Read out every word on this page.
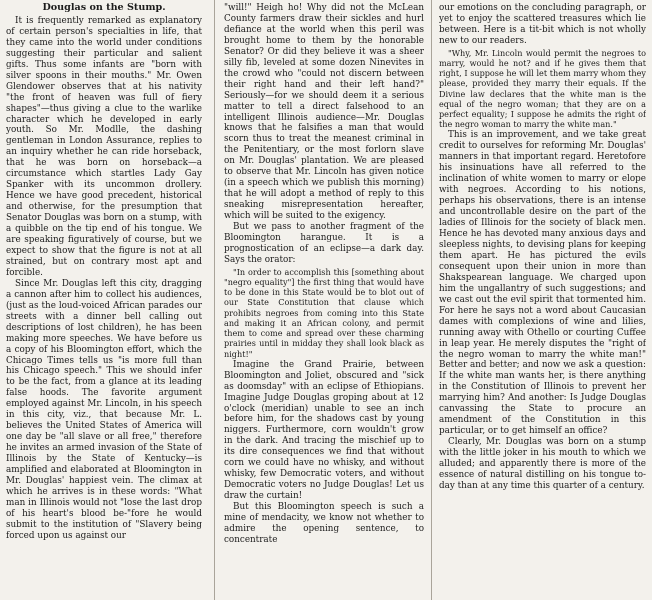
Douglas on the Stump.

It is frequently remarked as explanatory of certain person's specialties in life, that they came into the world under conditions suggesting their particular and salient gifts. Thus some infants are "born with silver spoons in their mouths." Mr. Owen Glendower observes that at his nativity "the front of heaven was full of fiery shapes"—thus giving a clue to the warlike character which he developed in early youth. So Mr. Modlle, the dashing gentleman in London Assurance, replies to an inquiry whether he can ride horseback, that he was born on horseback—a circumstance which startles Lady Gay Spanker with its uncommon drollery. Hence we have good precedent, historical and otherwise, for the presumption that Senator Douglas was born on a stump, with a quibble on the tip end of his tongue. We are speaking figuratively of course, but we expect to show that the figure is not at all strained, but on contrary most apt and forcible.

Since Mr. Douglas left this city, dragging a cannon after him to collect his audiences, (just as the loud-voiced African parades our streets with a dinner bell calling out descriptions of lost children), he has been making more speeches. We have before us a copy of his Bloomington effort, which the Chicago Times tells us "is more full than his Chicago speech." This we should infer to be the fact, from a glance at its leading false hoods. The favorite argument employed against Mr. Lincoln, in his speech in this city, viz., that because Mr. L. believes the United States of America will one day be "all slave or all free," therefore he invites an armed invasion of the State of Illinois by the State of Kentucky—is amplified and elaborated at Bloomington in Mr. Douglas' happiest vein. The climax at which he arrives is in these words: "What man in Illinois would not "lose the last drop of his heart's blood be-"fore he would submit to the institution of "Slavery being forced upon us against our

"will!" Heigh ho! Why did not the McLean County farmers draw their sickles and hurl defiance at the world when this peril was brought home to them by the honorable Senator? Or did they believe it was a sheer silly fib, leveled at some dozen Ninevites in the crowd who "could not discern between their right hand and their left hand?" Seriously—for we should deem it a serious matter to tell a direct falsehood to an intelligent Illinois audience—Mr. Douglas knows that he falsifies a man that would scorn thus to treat the meanest criminal in the Penitentiary, or the most forlorn slave on Mr. Douglas' plantation. We are pleased to observe that Mr. Lincoln has given notice (in a speech which we publish this morning) that he will adopt a method of reply to this sneaking misrepresentation hereafter, which will be suited to the exigency.

But we pass to another fragment of the Bloomington harangue. It is a prognostication of an eclipse—a dark day. Says the orator:

"In order to accomplish this [something about "negro equality"] the first thing that would have to be done in this State would be to blot out of our State Constitution that clause which prohibits negroes from coming into this State and making it an African colony, and permit them to come and spread over these charming prairies until in midday they shall look black as night!"

Imagine the Grand Prairie, between Bloomington and Joliet, obscured and "sick as doomsday" with an eclipse of Ethiopians. Imagine Judge Douglas groping about at 12 o'clock (meridian) unable to see an inch before him, for the shadows cast by young niggers. Furthermore, corn wouldn't grow in the dark. And tracing the mischief up to its dire consequences we find that without corn we could have no whisky, and without whisky, few Democratic voters, and without Democratic voters no Judge Douglas! Let us draw the curtain!

But this Bloomington speech is such a mine of mendacity, we know not whether to admire the opening sentence, to concentrate

our emotions on the concluding paragraph, or yet to enjoy the scattered treasures which lie between. Here is a tit-bit which is not wholly new to our readers.

"Why, Mr. Lincoln would permit the negroes to marry, would he not? and if he gives them that right, I suppose he will let them marry whom they please, provided they marry their equals. If the Divine law declares that the white man is the equal of the negro woman; that they are on a perfect equality; I suppose he admits the right of the negro woman to marry the white man."

This is an improvement, and we take great credit to ourselves for reforming Mr. Douglas' manners in that important regard. Heretofore his insinuations have all referred to the inclination of white women to marry or elope with negroes. According to his notions, perhaps his observations, there is an intense and uncontrollable desire on the part of the ladies of Illinois for the society of black men. Hence he has devoted many anxious days and sleepless nights, to devising plans for keeping them apart. He has pictured the evils consequent upon their union in more than Shakspearean language. We charged upon him the ungallantry of such suggestions; and we cast out the evil spirit that tormented him. For here he says not a word about Caucasian dames with complexions of wine and lilies, running away with Othello or courting Cuffee in leap year. He merely disputes the "right of the negro woman to marry the white man!" Better and better; and now we ask a question: If the white man wants her, is there anything in the Constitution of Illinois to prevent her marrying him? And another: Is Judge Douglas canvassing the State to procure an amendment of the Constitution in this particular, or to get himself an office?

Clearly, Mr. Douglas was born on a stump with the little joker in his mouth to which we alluded; and apparently there is more of the essence of natural distilling on his tongue to-day than at any time this quarter of a century.
